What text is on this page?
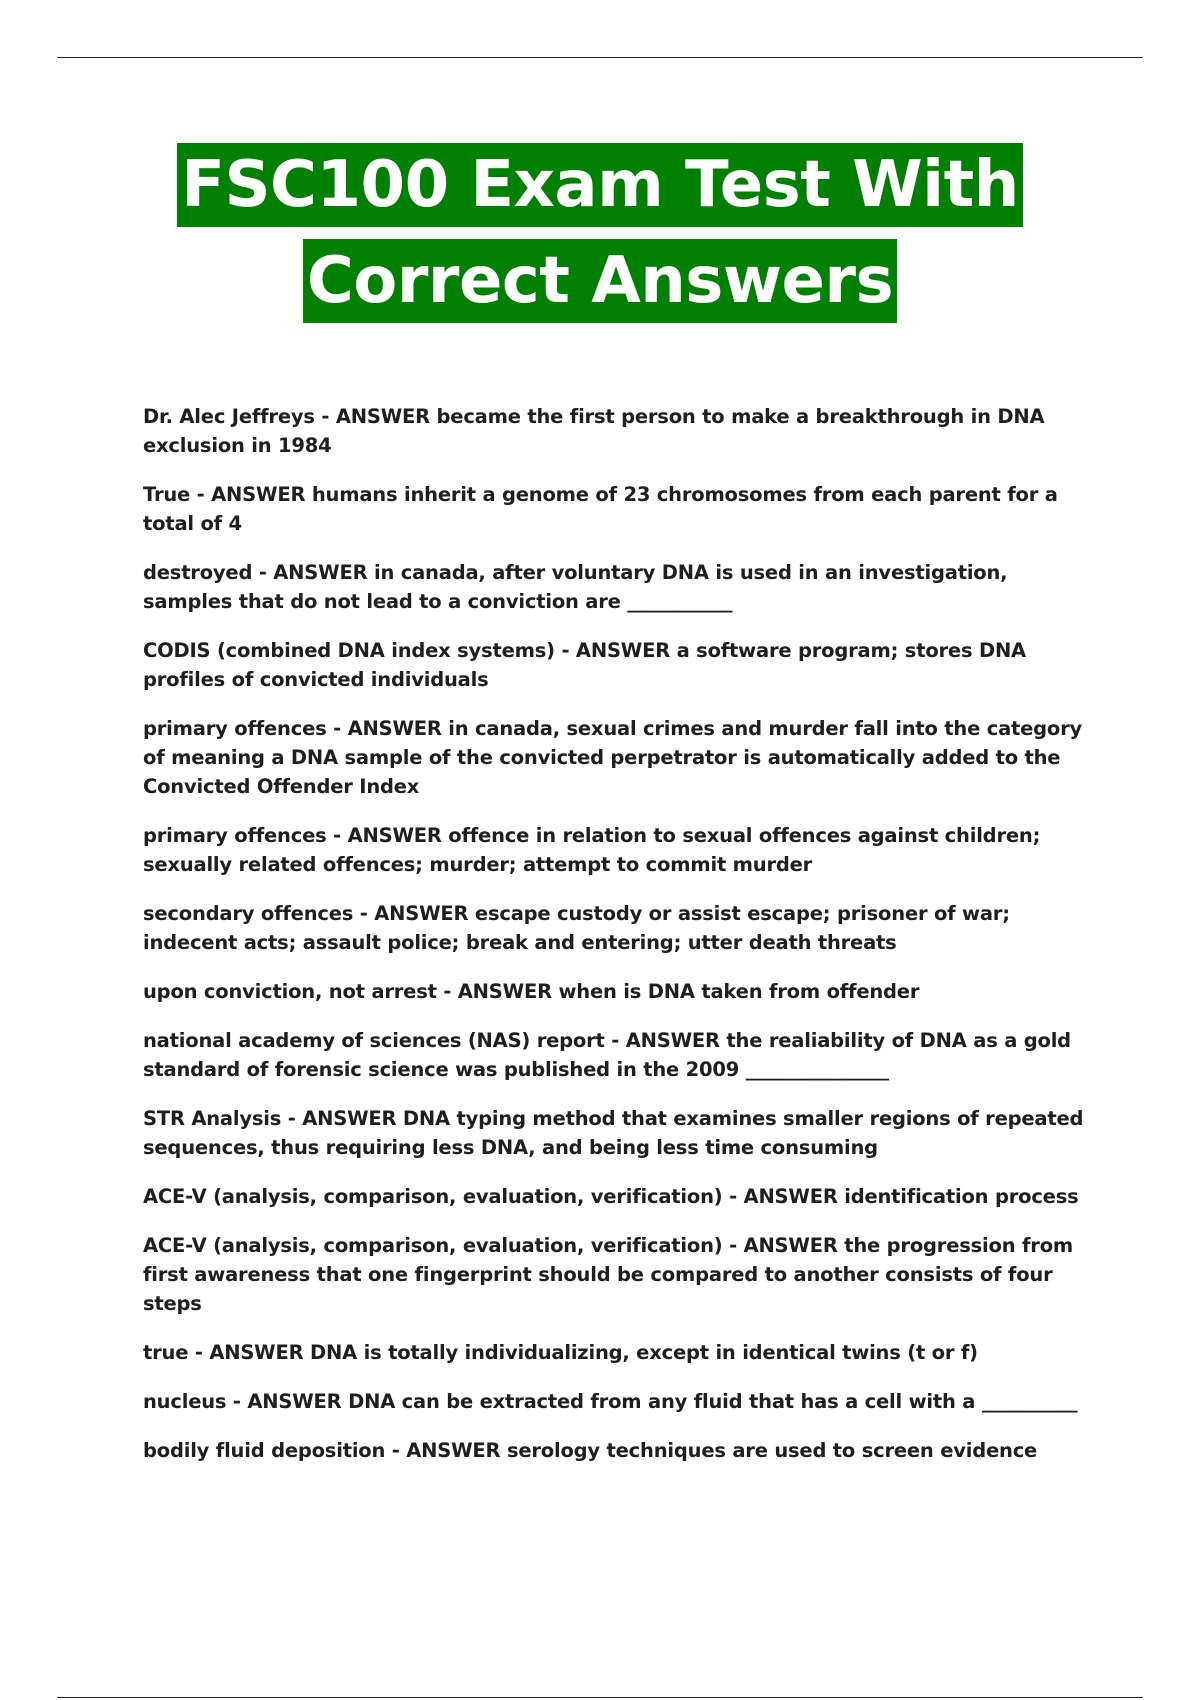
FSC100 Exam Test With
Correct Answers
Dr. Alec Jeffreys - ANSWER became the first person to make a breakthrough in DNA exclusion in 1984
True - ANSWER humans inherit a genome of 23 chromosomes from each parent for a total of 4
destroyed - ANSWER in canada, after voluntary DNA is used in an investigation, samples that do not lead to a conviction are ___________
CODIS (combined DNA index systems) - ANSWER a software program; stores DNA profiles of convicted individuals
primary offences - ANSWER in canada, sexual crimes and murder fall into the category of meaning a DNA sample of the convicted perpetrator is automatically added to the Convicted Offender Index
primary offences - ANSWER offence in relation to sexual offences against children; sexually related offences; murder; attempt to commit murder
secondary offences - ANSWER escape custody or assist escape; prisoner of war; indecent acts; assault police; break and entering; utter death threats
upon conviction, not arrest - ANSWER when is DNA taken from offender
national academy of sciences (NAS) report - ANSWER the realiability of DNA as a gold standard of forensic science was published in the 2009 _______________
STR Analysis - ANSWER DNA typing method that examines smaller regions of repeated sequences, thus requiring less DNA, and being less time consuming
ACE-V (analysis, comparison, evaluation, verification) - ANSWER identification process
ACE-V (analysis, comparison, evaluation, verification) - ANSWER the progression from first awareness that one fingerprint should be compared to another consists of four steps
true - ANSWER DNA is totally individualizing, except in identical twins (t or f)
nucleus - ANSWER DNA can be extracted from any fluid that has a cell with a __________
bodily fluid deposition - ANSWER serology techniques are used to screen evidence
